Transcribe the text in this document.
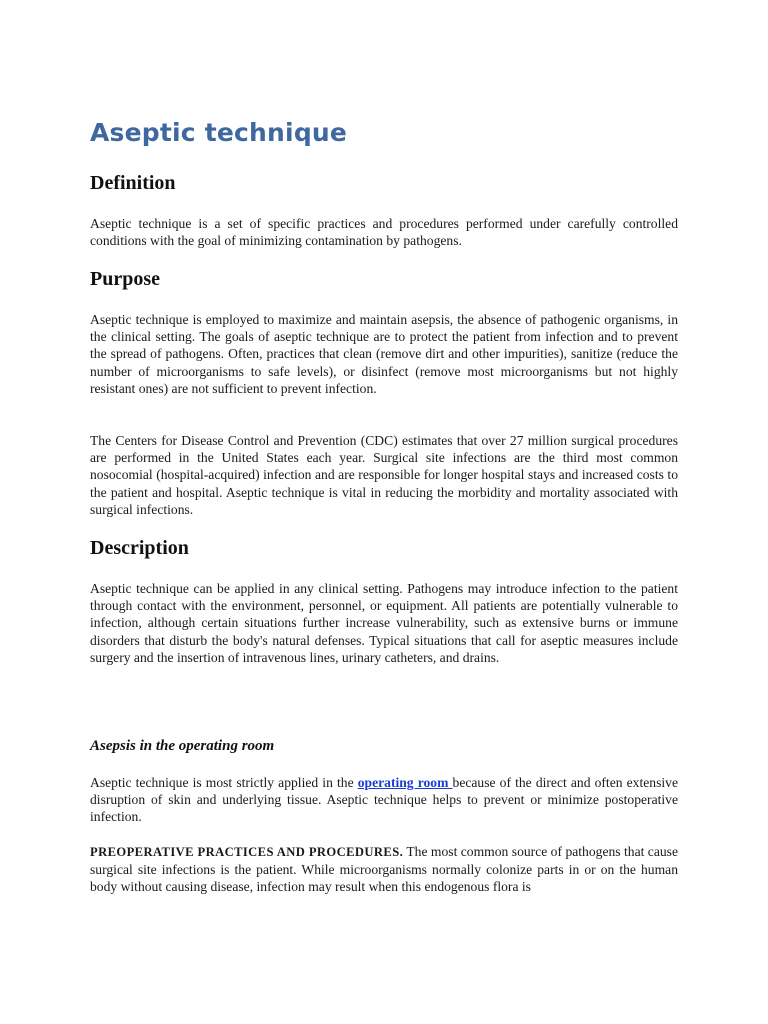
Aseptic technique
Definition

Aseptic technique is a set of specific practices and procedures performed under carefully controlled conditions with the goal of minimizing contamination by pathogens.

Purpose

Aseptic technique is employed to maximize and maintain asepsis, the absence of pathogenic organisms, in the clinical setting. The goals of aseptic technique are to protect the patient from infection and to prevent the spread of pathogens. Often, practices that clean (remove dirt and other impurities), sanitize (reduce the number of microorganisms to safe levels), or disinfect (remove most microorganisms but not highly resistant ones) are not sufficient to prevent infection.

The Centers for Disease Control and Prevention (CDC) estimates that over 27 million surgical procedures are performed in the United States each year. Surgical site infections are the third most common nosocomial (hospital-acquired) infection and are responsible for longer hospital stays and increased costs to the patient and hospital. Aseptic technique is vital in reducing the morbidity and mortality associated with surgical infections.

Description

Aseptic technique can be applied in any clinical setting. Pathogens may introduce infection to the patient through contact with the environment, personnel, or equipment. All patients are potentially vulnerable to infection, although certain situations further increase vulnerability, such as extensive burns or immune disorders that disturb the body's natural defenses. Typical situations that call for aseptic measures include surgery and the insertion of intravenous lines, urinary catheters, and drains.

Asepsis in the operating room

Aseptic technique is most strictly applied in the operating room because of the direct and often extensive disruption of skin and underlying tissue. Aseptic technique helps to prevent or minimize postoperative infection.

PREOPERATIVE PRACTICES AND PROCEDURES. The most common source of pathogens that cause surgical site infections is the patient. While microorganisms normally colonize parts in or on the human body without causing disease, infection may result when this endogenous flora is
